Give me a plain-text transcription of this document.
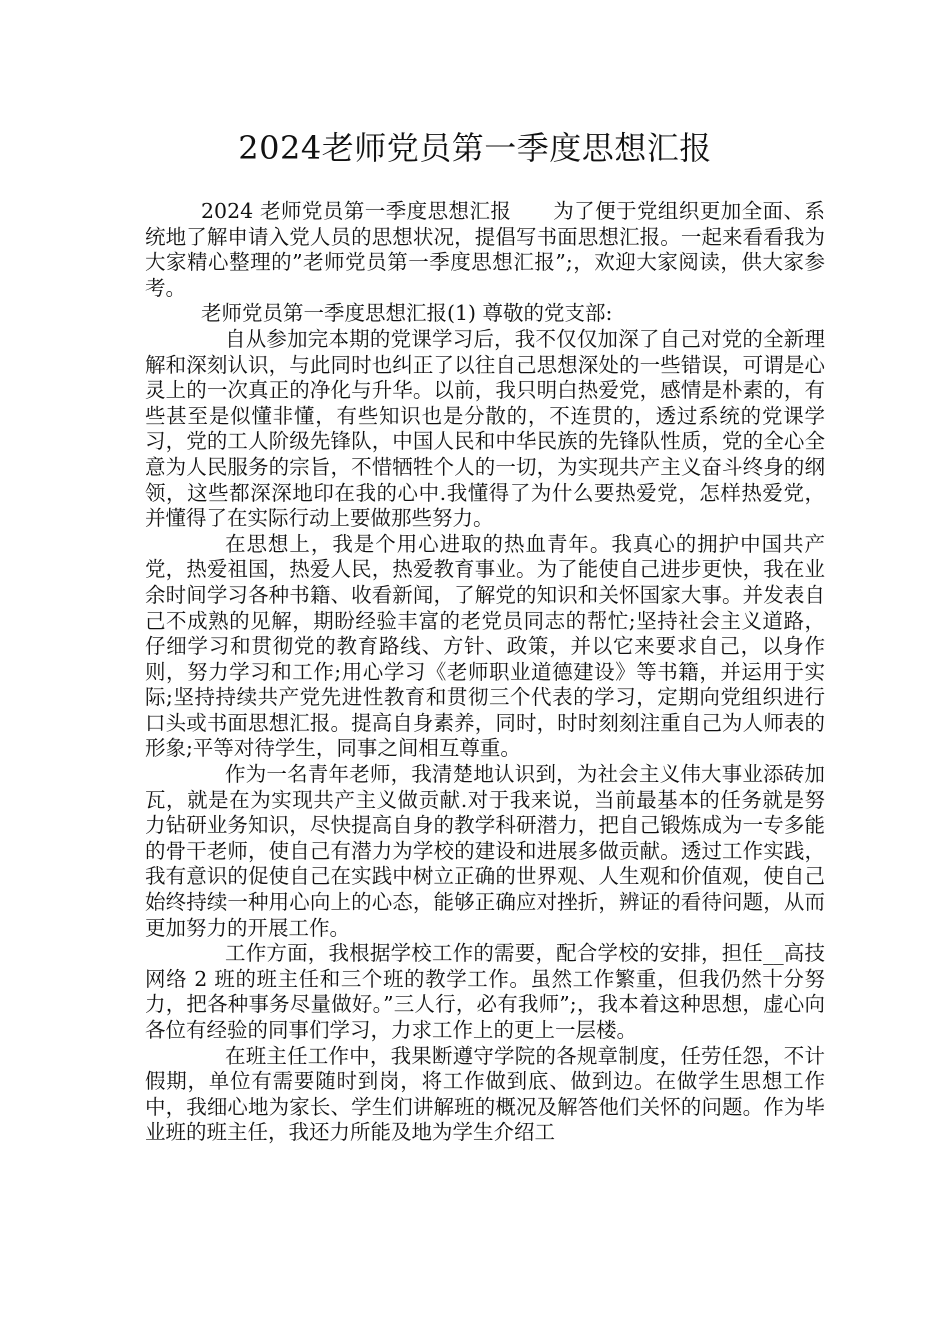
2024老师党员第一季度思想汇报

2024 老师党员第一季度思想汇报　　为了便于党组织更加全面、系统地了解申请入党人员的思想状况，提倡写书面思想汇报。一起来看看我为大家精心整理的”老师党员第一季度思想汇报”;，欢迎大家阅读，供大家参考。

老师党员第一季度思想汇报(1) 尊敬的党支部:

自从参加完本期的党课学习后，我不仅仅加深了自己对党的全新理解和深刻认识，与此同时也纠正了以往自己思想深处的一些错误，可谓是心灵上的一次真正的净化与升华。以前，我只明白热爱党，感情是朴素的，有些甚至是似懂非懂，有些知识也是分散的，不连贯的，透过系统的党课学习，党的工人阶级先锋队，中国人民和中华民族的先锋队性质，党的全心全意为人民服务的宗旨，不惜牺牲个人的一切，为实现共产主义奋斗终身的纲领，这些都深深地印在我的心中.我懂得了为什么要热爱党，怎样热爱党，并懂得了在实际行动上要做那些努力。

在思想上，我是个用心进取的热血青年。我真心的拥护中国共产党，热爱祖国，热爱人民，热爱教育事业。为了能使自己进步更快，我在业余时间学习各种书籍、收看新闻，了解党的知识和关怀国家大事。并发表自己不成熟的见解，期盼经验丰富的老党员同志的帮忙;坚持社会主义道路，仔细学习和贯彻党的教育路线、方针、政策，并以它来要求自己，以身作则，努力学习和工作;用心学习《老师职业道德建设》等书籍，并运用于实际;坚持持续共产党先进性教育和贯彻三个代表的学习，定期向党组织进行口头或书面思想汇报。提高自身素养，同时，时时刻刻注重自己为人师表的形象;平等对待学生，同事之间相互尊重。

作为一名青年老师，我清楚地认识到，为社会主义伟大事业添砖加瓦，就是在为实现共产主义做贡献.对于我来说，当前最基本的任务就是努力钻研业务知识，尽快提高自身的教学科研潜力，把自己锻炼成为一专多能的骨干老师，使自己有潜力为学校的建设和进展多做贡献。透过工作实践，我有意识的促使自己在实践中树立正确的世界观、人生观和价值观，使自己始终持续一种用心向上的心态，能够正确应对挫折，辨证的看待问题，从而更加努力的开展工作。

工作方面，我根据学校工作的需要，配合学校的安排，担任__高技网络 2 班的班主任和三个班的教学工作。虽然工作繁重，但我仍然十分努力，把各种事务尽量做好。”三人行，必有我师”;，我本着这种思想，虚心向各位有经验的同事们学习，力求工作上的更上一层楼。

在班主任工作中，我果断遵守学院的各规章制度，任劳任怨，不计假期，单位有需要随时到岗，将工作做到底、做到边。在做学生思想工作中，我细心地为家长、学生们讲解班的概况及解答他们关怀的问题。作为毕业班的班主任，我还力所能及地为学生介绍工
